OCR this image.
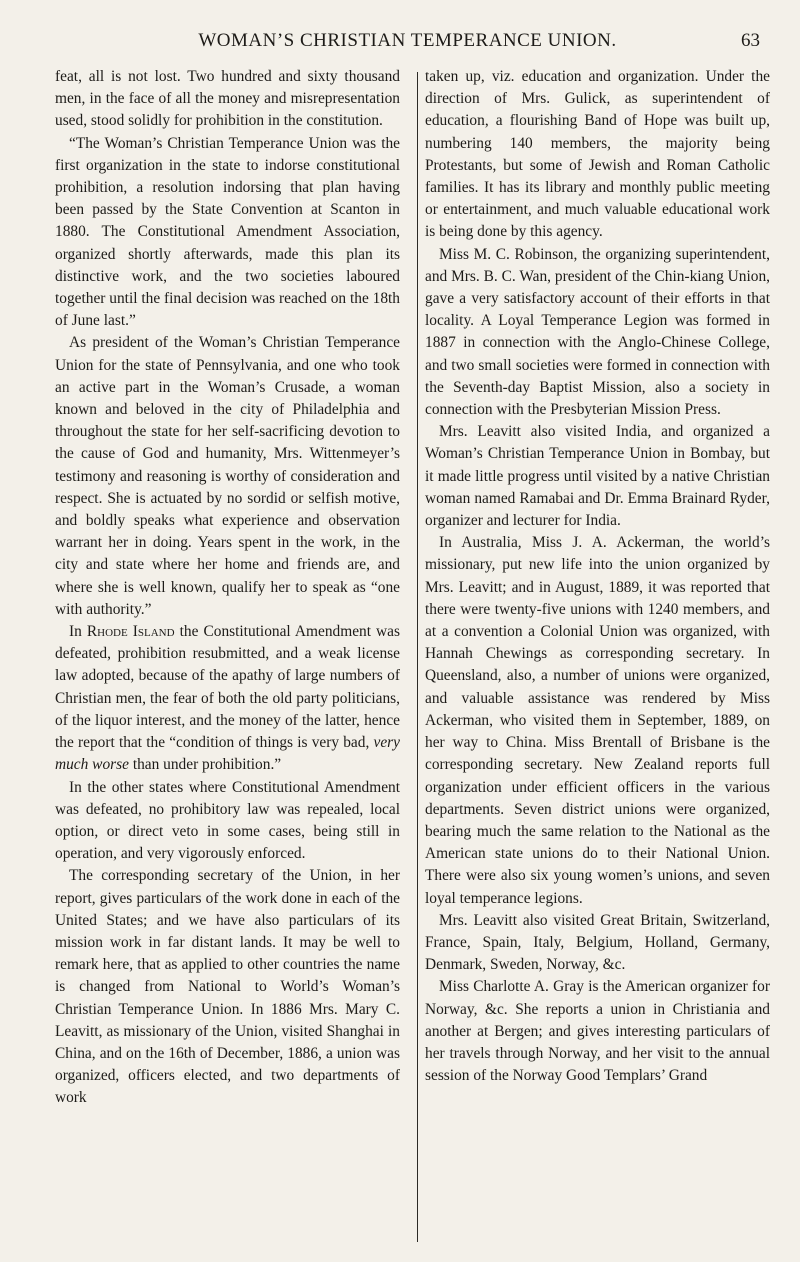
WOMAN’S CHRISTIAN TEMPERANCE UNION.	63

feat, all is not lost. Two hundred and sixty thousand men, in the face of all the money and misrepresentation used, stood solidly for prohibition in the constitution.

“The Woman’s Christian Temperance Union was the first organization in the state to indorse constitutional prohibition, a resolution indorsing that plan having been passed by the State Convention at Scanton in 1880. The Constitutional Amendment Association, organized shortly afterwards, made this plan its distinctive work, and the two societies laboured together until the final decision was reached on the 18th of June last.”

As president of the Woman’s Christian Temperance Union for the state of Pennsylvania, and one who took an active part in the Woman’s Crusade, a woman known and beloved in the city of Philadelphia and throughout the state for her self-sacrificing devotion to the cause of God and humanity, Mrs. Wittenmeyer’s testimony and reasoning is worthy of consideration and respect. She is actuated by no sordid or selfish motive, and boldly speaks what experience and observation warrant her in doing. Years spent in the work, in the city and state where her home and friends are, and where she is well known, qualify her to speak as “one with authority.”

In Rhode Island the Constitutional Amendment was defeated, prohibition resubmitted, and a weak license law adopted, because of the apathy of large numbers of Christian men, the fear of both the old party politicians, of the liquor interest, and the money of the latter, hence the report that the “condition of things is very bad, very much worse than under prohibition.”

In the other states where Constitutional Amendment was defeated, no prohibitory law was repealed, local option, or direct veto in some cases, being still in operation, and very vigorously enforced.

The corresponding secretary of the Union, in her report, gives particulars of the work done in each of the United States; and we have also particulars of its mission work in far distant lands. It may be well to remark here, that as applied to other countries the name is changed from National to World’s Woman’s Christian Temperance Union. In 1886 Mrs. Mary C. Leavitt, as missionary of the Union, visited Shanghai in China, and on the 16th of December, 1886, a union was organized, officers elected, and two departments of work

taken up, viz. education and organization. Under the direction of Mrs. Gulick, as superintendent of education, a flourishing Band of Hope was built up, numbering 140 members, the majority being Protestants, but some of Jewish and Roman Catholic families. It has its library and monthly public meeting or entertainment, and much valuable educational work is being done by this agency.

Miss M. C. Robinson, the organizing superintendent, and Mrs. B. C. Wan, president of the Chin-kiang Union, gave a very satisfactory account of their efforts in that locality. A Loyal Temperance Legion was formed in 1887 in connection with the Anglo-Chinese College, and two small societies were formed in connection with the Seventh-day Baptist Mission, also a society in connection with the Presbyterian Mission Press.

Mrs. Leavitt also visited India, and organized a Woman’s Christian Temperance Union in Bombay, but it made little progress until visited by a native Christian woman named Ramabai and Dr. Emma Brainard Ryder, organizer and lecturer for India.

In Australia, Miss J. A. Ackerman, the world’s missionary, put new life into the union organized by Mrs. Leavitt; and in August, 1889, it was reported that there were twenty-five unions with 1240 members, and at a convention a Colonial Union was organized, with Hannah Chewings as corresponding secretary. In Queensland, also, a number of unions were organized, and valuable assistance was rendered by Miss Ackerman, who visited them in September, 1889, on her way to China. Miss Brentall of Brisbane is the corresponding secretary. New Zealand reports full organization under efficient officers in the various departments. Seven district unions were organized, bearing much the same relation to the National as the American state unions do to their National Union. There were also six young women’s unions, and seven loyal temperance legions.

Mrs. Leavitt also visited Great Britain, Switzerland, France, Spain, Italy, Belgium, Holland, Germany, Denmark, Sweden, Norway, &c.

Miss Charlotte A. Gray is the American organizer for Norway, &c. She reports a union in Christiania and another at Bergen; and gives interesting particulars of her travels through Norway, and her visit to the annual session of the Norway Good Templars’ Grand
